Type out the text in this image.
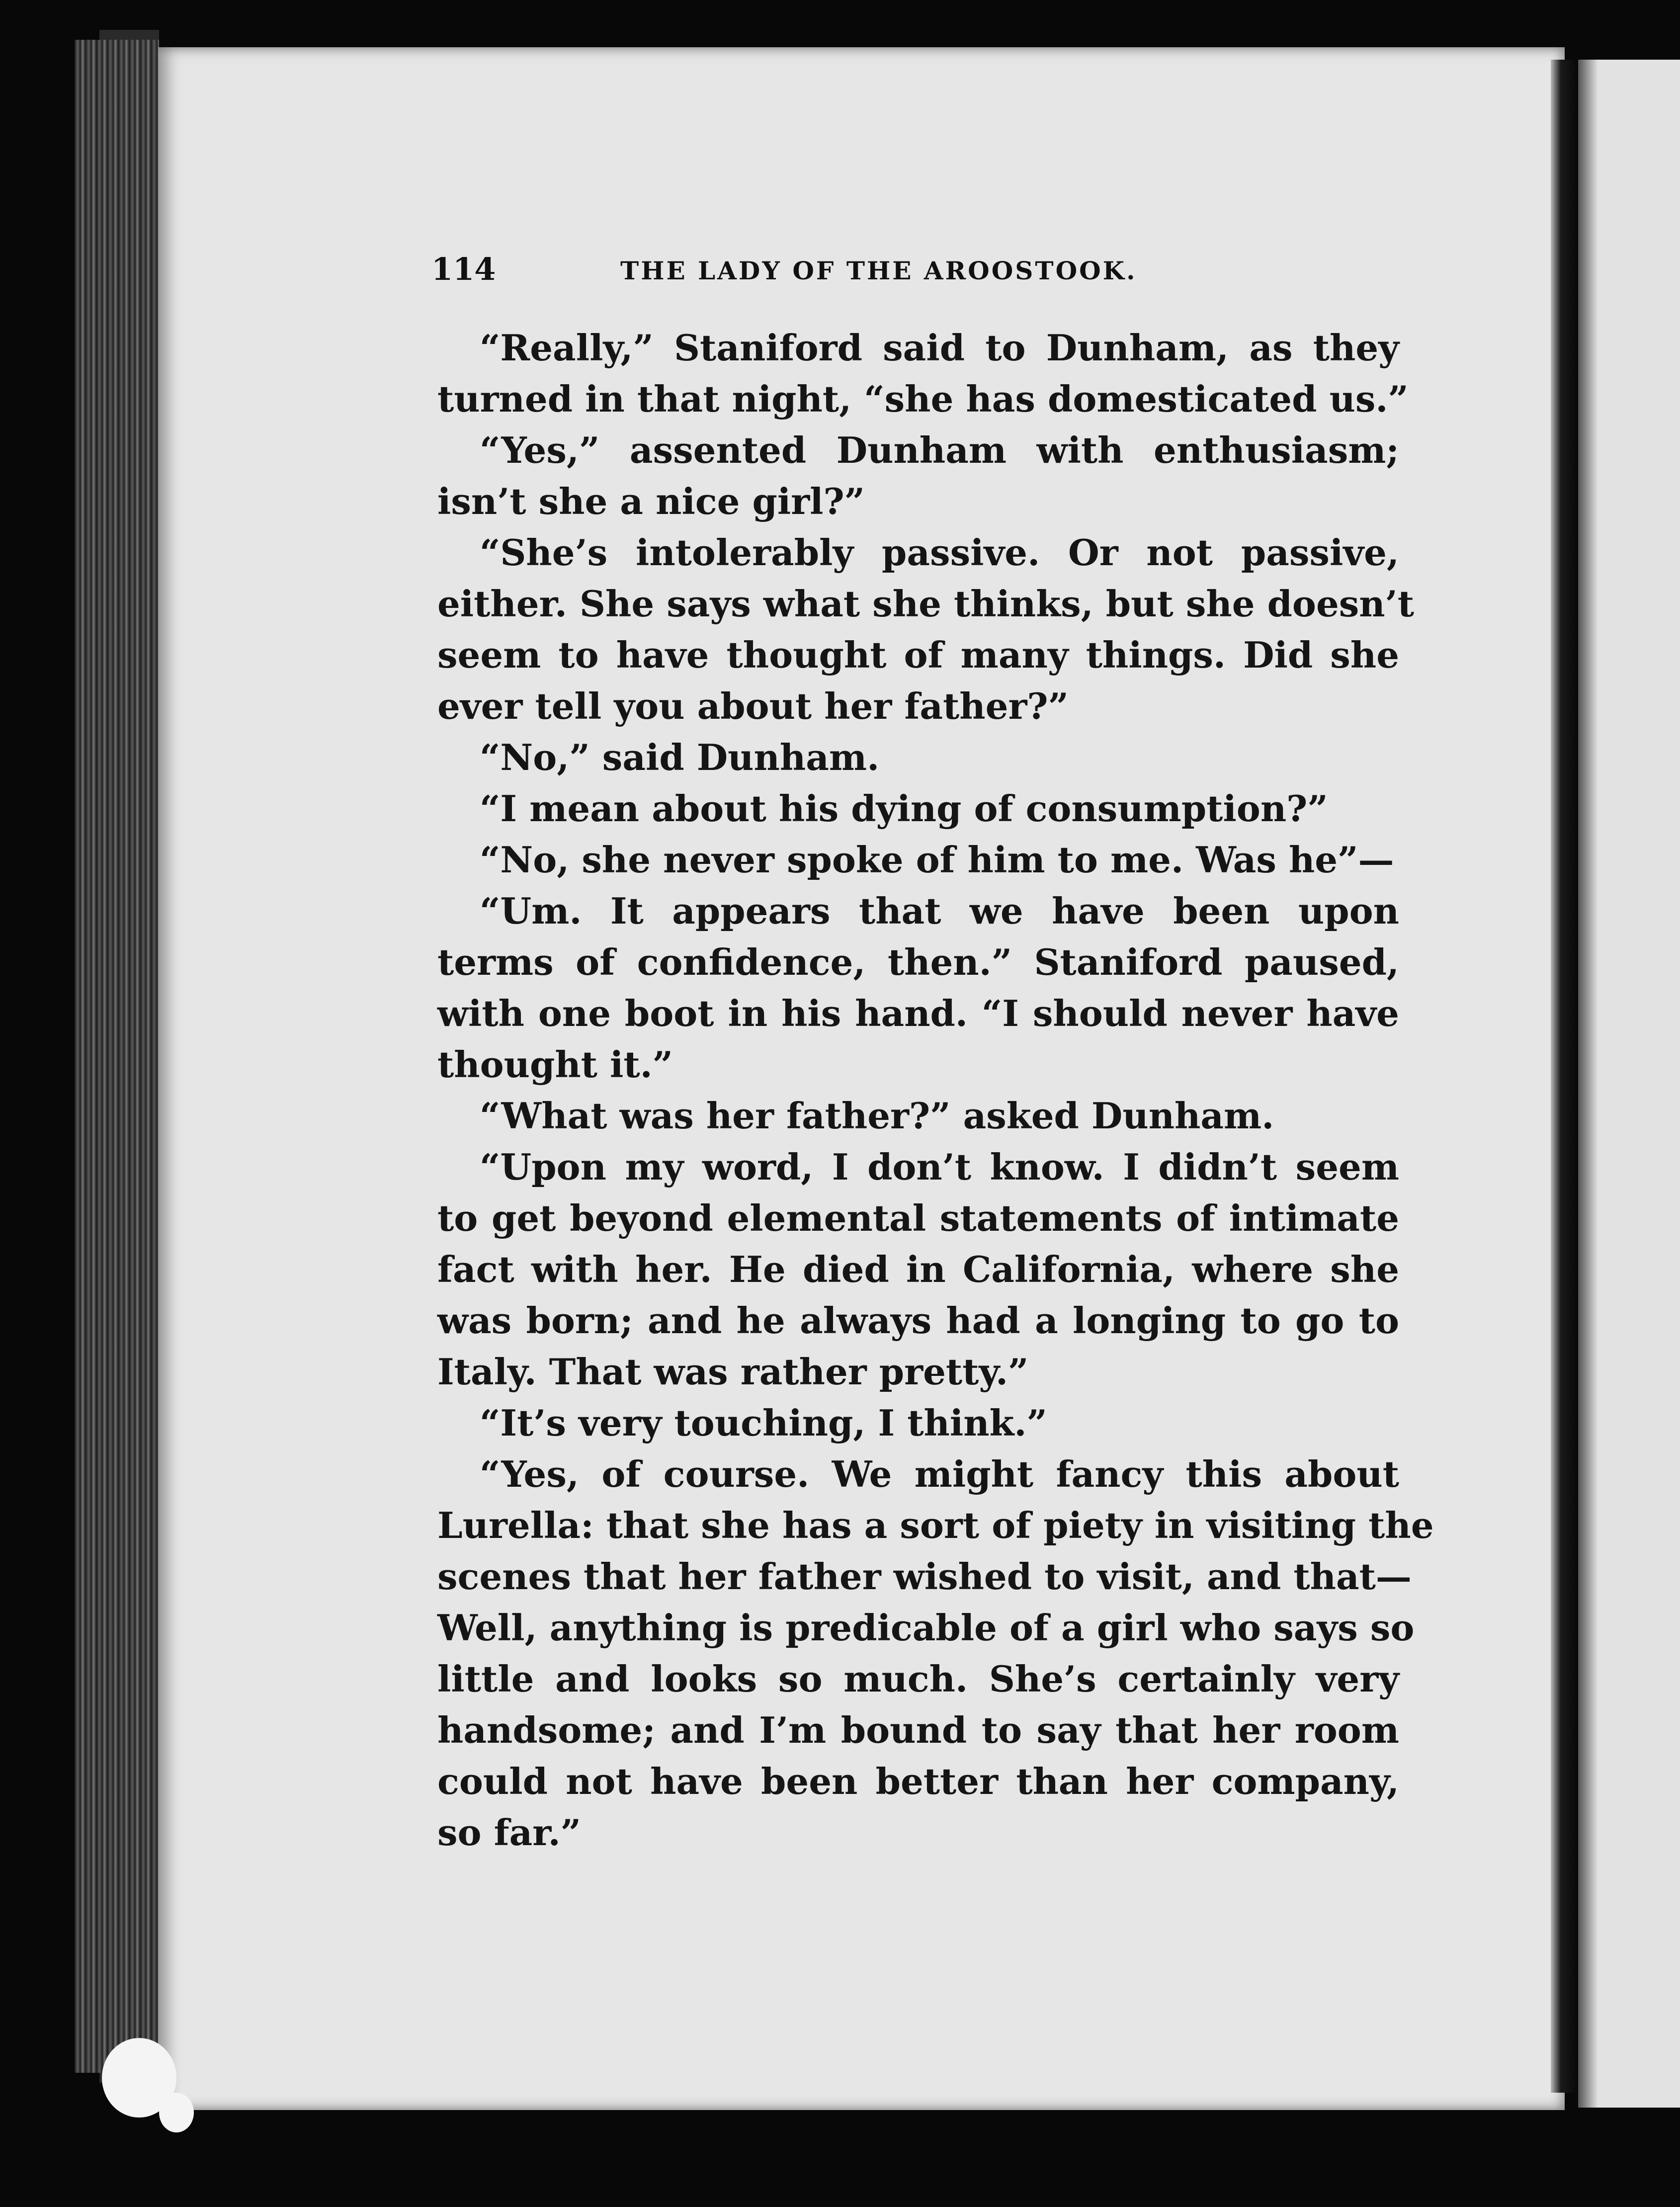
114	THE LADY OF THE AROOSTOOK.
“Really,” Staniford said to Dunham, as they
turned in that night, “she has domesticated us.”
“Yes,” assented Dunham with enthusiasm;
isn’t she a nice girl?”
“She’s intolerably passive. Or not passive,
either. She says what she thinks, but she doesn’t
seem to have thought of many things. Did she
ever tell you about her father?”
“No,” said Dunham.
“I mean about his dying of consumption?”
“No, she never spoke of him to me. Was he”—
“Um. It appears that we have been upon
terms of confidence, then.” Staniford paused,
with one boot in his hand. “I should never have
thought it.”
“What was her father?” asked Dunham.
“Upon my word, I don’t know. I didn’t seem
to get beyond elemental statements of intimate
fact with her. He died in California, where she
was born; and he always had a longing to go to
Italy. That was rather pretty.”
“It’s very touching, I think.”
“Yes, of course. We might fancy this about
Lurella: that she has a sort of piety in visiting the
scenes that her father wished to visit, and that—
Well, anything is predicable of a girl who says so
little and looks so much. She’s certainly very
handsome; and I’m bound to say that her room
could not have been better than her company,
so far.”
